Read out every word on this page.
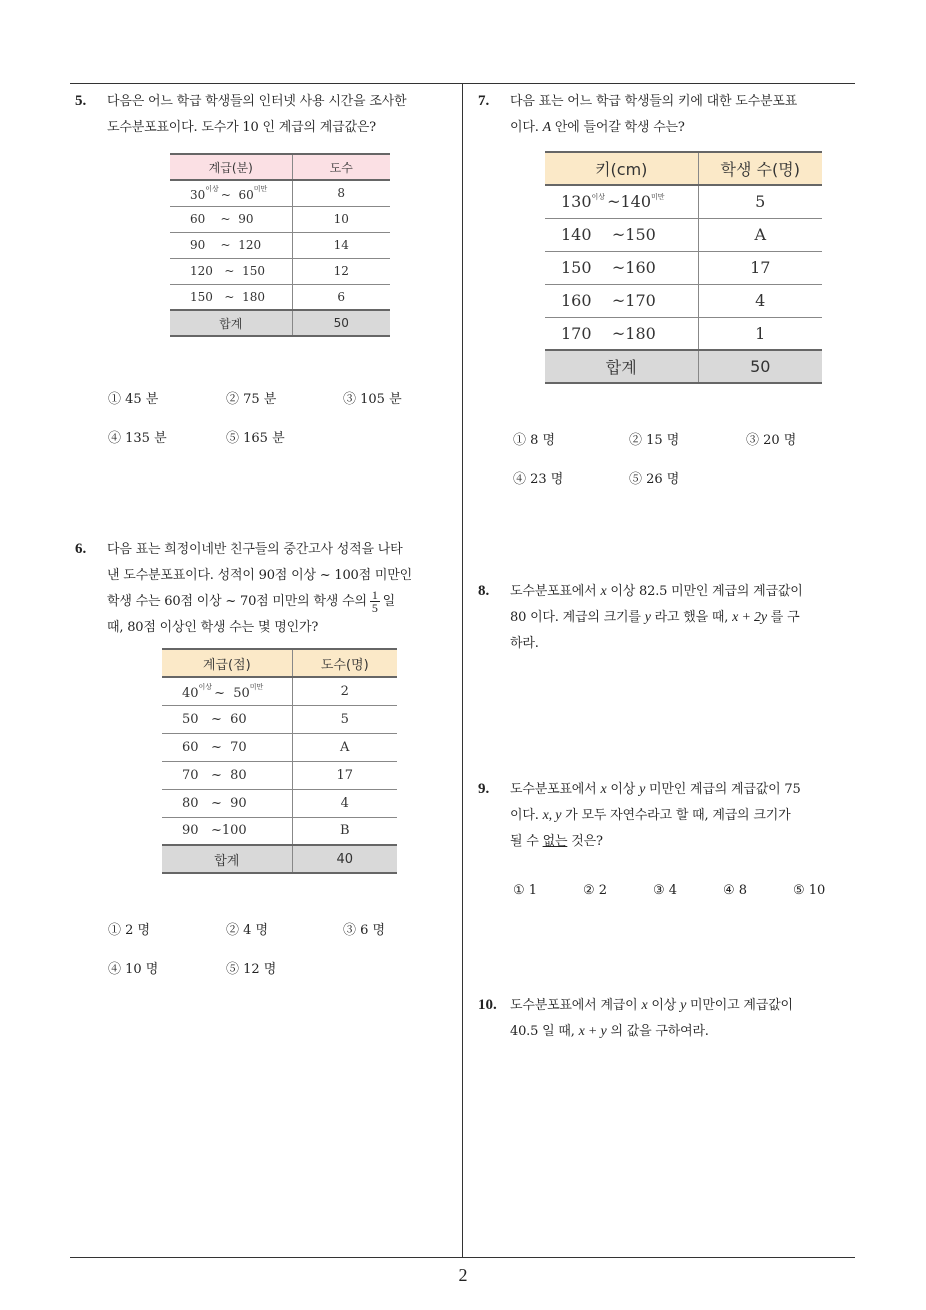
2
5. 다음은 어느 학급 학생들의 인터넷 사용 시간을 조사한
도수분포표이다. 도수가 10 인 계급의 계급값은?
계급(분)	도수
$30^{이상}$ ~ $60^{미만}$	8
60 ~ 90	10
90 ~ 120	14
120 ~ 150	12
150 ~ 180	6
합계	50
① 45 분	② 75 분	③ 105 분
④ 135 분	⑤ 165 분
6. 다음 표는 희정이네반 친구들의 중간고사 성적을 나타
낸 도수분포표이다. 성적이 90점 이상 ~ 100점 미만인
학생 수는 60점 이상 ~ 70점 미만의 학생 수의 $\frac{1}{5}$ 일
때, 80점 이상인 학생 수는 몇 명인가?
계급(점)	도수(명)
$40^{이상}$ ~ $50^{미만}$	2
50 ~ 60	5
60 ~ 70	A
70 ~ 80	17
80 ~ 90	4
90 ~100	B
합계	40
① 2 명	② 4 명	③ 6 명
④ 10 명	⑤ 12 명
7. 다음 표는 어느 학급 학생들의 키에 대한 도수분포표
이다. A 안에 들어갈 학생 수는?
키(cm)	학생 수(명)
$130^{이상}$ $\sim 140^{미만}$	5
140 ~150	A
150 ~160	17
160 ~170	4
170 ~180	1
합계	50
① 8 명	② 15 명	③ 20 명
④ 23 명	⑤ 26 명
8. 도수분포표에서 x 이상 82.5 미만인 계급의 계급값이
80 이다. 계급의 크기를 y 라고 했을 때, x + 2y 를 구
하라.
9. 도수분포표에서 x 이상 y 미만인 계급의 계급값이 75
이다. x, y 가 모두 자연수라고 할 때, 계급의 크기가
될 수 없는 것은?
① 1	② 2	③ 4	④ 8	⑤ 10
10. 도수분포표에서 계급이 x 이상 y 미만이고 계급값이
40.5 일 때, x + y 의 값을 구하여라.
